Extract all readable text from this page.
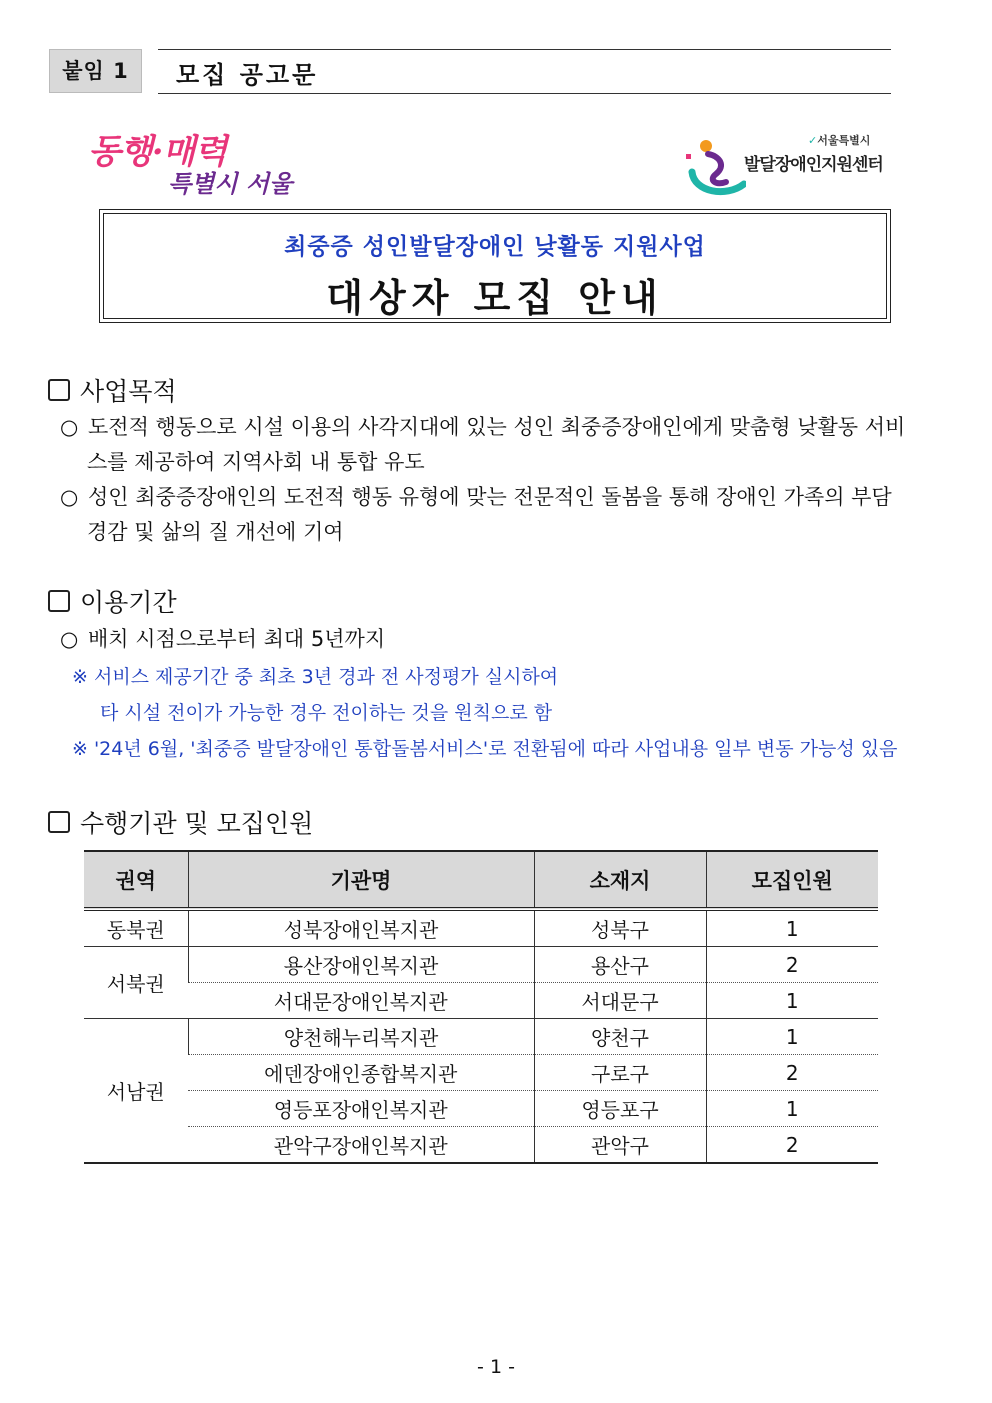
붙임 1	모집 공고문
동행·매력
특별시 서울
✓서울특별시
발달장애인지원센터
최중증 성인발달장애인 낮활동 지원사업
대상자 모집 안내
사업목적
○ 도전적 행동으로 시설 이용의 사각지대에 있는 성인 최중증장애인에게 맞춤형 낮활동 서비
스를 제공하여 지역사회 내 통합 유도
○ 성인 최중증장애인의 도전적 행동 유형에 맞는 전문적인 돌봄을 통해 장애인 가족의 부담
경감 및 삶의 질 개선에 기여
이용기간
○ 배치 시점으로부터 최대 5년까지
※ 서비스 제공기간 중 최초 3년 경과 전 사정평가 실시하여
타 시설 전이가 가능한 경우 전이하는 것을 원칙으로 함
※ '24년 6월, '최중증 발달장애인 통합돌봄서비스'로 전환됨에 따라 사업내용 일부 변동 가능성 있음
수행기관 및 모집인원
권역	기관명	소재지	모집인원
동북권	성북장애인복지관	성북구	1
서북권	용산장애인복지관	용산구	2
	서대문장애인복지관	서대문구	1
서남권	양천해누리복지관	양천구	1
	에덴장애인종합복지관	구로구	2
	영등포장애인복지관	영등포구	1
	관악구장애인복지관	관악구	2
- 1 -
